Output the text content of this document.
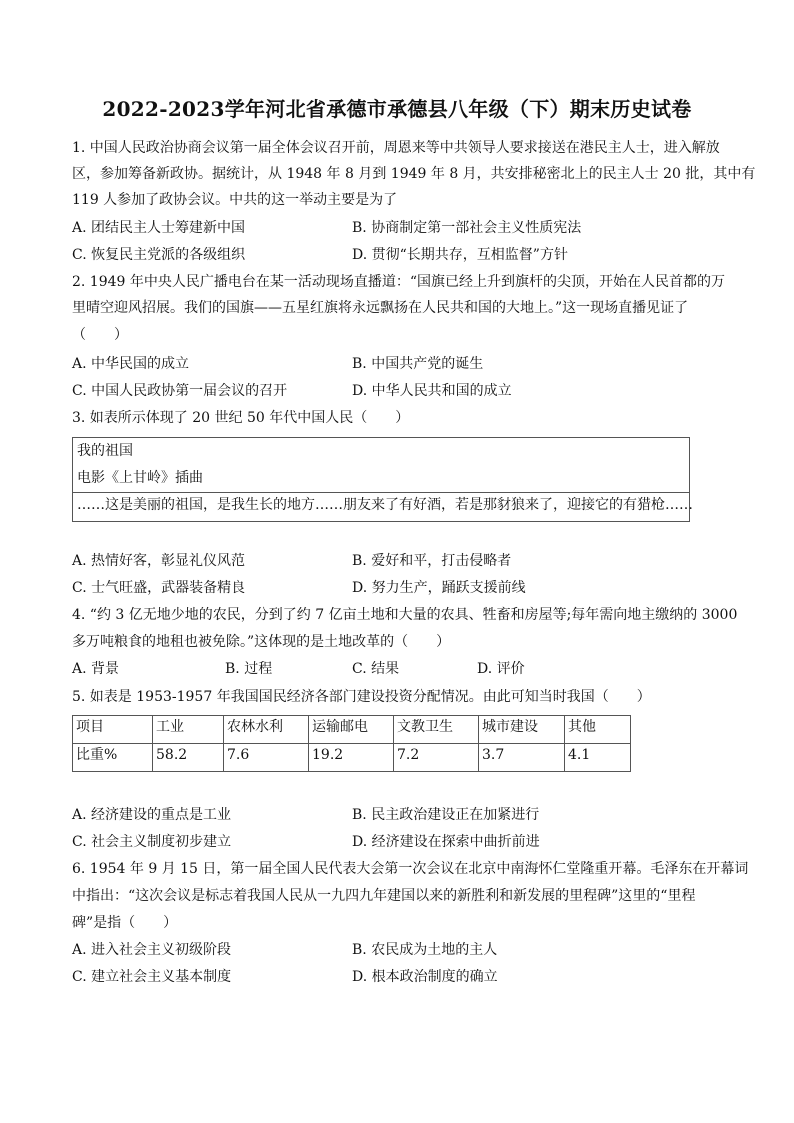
2022-2023学年河北省承德市承德县八年级（下）期末历史试卷
1. 中国人民政治协商会议第一届全体会议召开前，周恩来等中共领导人要求接送在港民主人士，进入解放
区，参加筹备新政协。据统计，从 1948 年 8 月到 1949 年 8 月，共安排秘密北上的民主人士 20 批，其中有
119 人参加了政协会议。中共的这一举动主要是为了
A. 团结民主人士筹建新中国	B. 协商制定第一部社会主义性质宪法
C. 恢复民主党派的各级组织	D. 贯彻“长期共存，互相监督”方针
2. 1949 年中央人民广播电台在某一活动现场直播道：“国旗已经上升到旗杆的尖顶，开始在人民首都的万
里晴空迎风招展。我们的国旗——五星红旗将永远飘扬在人民共和国的大地上。”这一现场直播见证了
（　　）
A. 中华民国的成立	B. 中国共产党的诞生
C. 中国人民政协第一届会议的召开	D. 中华人民共和国的成立
3. 如表所示体现了 20 世纪 50 年代中国人民（　　）
我的祖国
电影《上甘岭》插曲
……这是美丽的祖国，是我生长的地方……朋友来了有好酒，若是那豺狼来了，迎接它的有猎枪……
A. 热情好客，彰显礼仪风范	B. 爱好和平，打击侵略者
C. 士气旺盛，武器装备精良	D. 努力生产，踊跃支援前线
4. “约 3 亿无地少地的农民，分到了约 7 亿亩土地和大量的农具、牲畜和房屋等;每年需向地主缴纳的 3000
多万吨粮食的地租也被免除。”这体现的是土地改革的（　　）
A. 背景	B. 过程	C. 结果	D. 评价
5. 如表是 1953-1957 年我国国民经济各部门建设投资分配情况。由此可知当时我国（　　）
项目	工业	农林水利	运输邮电	文教卫生	城市建设	其他
比重%	58.2	7.6	19.2	7.2	3.7	4.1
A. 经济建设的重点是工业	B. 民主政治建设正在加紧进行
C. 社会主义制度初步建立	D. 经济建设在探索中曲折前进
6. 1954 年 9 月 15 日，第一届全国人民代表大会第一次会议在北京中南海怀仁堂隆重开幕。毛泽东在开幕词
中指出：“这次会议是标志着我国人民从一九四九年建国以来的新胜利和新发展的里程碑”这里的“里程
碑”是指（　　）
A. 进入社会主义初级阶段	B. 农民成为土地的主人
C. 建立社会主义基本制度	D. 根本政治制度的确立
